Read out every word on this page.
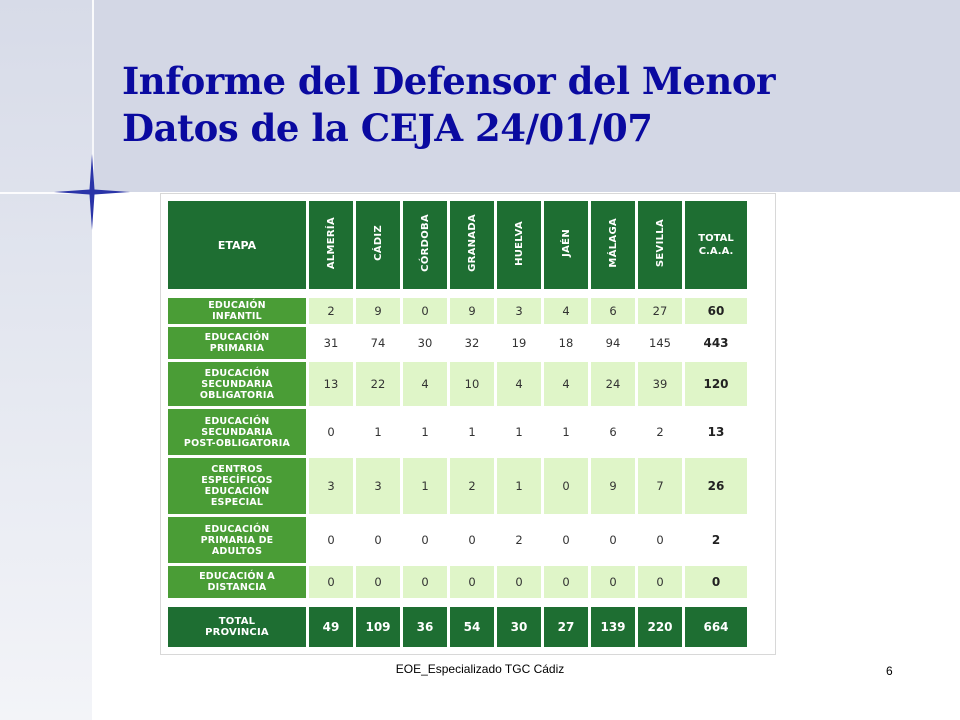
Informe del Defensor del Menor
Datos de la CEJA 24/01/07
ETAPA	ALMERÍA	CÁDIZ	CÓRDOBA	GRANADA	HUELVA	JAÉN	MÁLAGA	SEVILLA	TOTAL
C.A.A.

EDUCAIÓN
INFANTIL	2	9	0	9	3	4	6	27	60

EDUCACIÓN
PRIMARIA	31	74	30	32	19	18	94	145	443

EDUCACIÓN
SECUNDARIA
OBLIGATORIA	13	22	4	10	4	4	24	39	120

EDUCACIÓN
SECUNDARIA
POST-OBLIGATORIA	0	1	1	1	1	1	6	2	13

CENTROS
ESPECÍFICOS
EDUCACIÓN
ESPECIAL	3	3	1	2	1	0	9	7	26

EDUCACIÓN
PRIMARIA DE
ADULTOS	0	0	0	0	2	0	0	0	2

EDUCACIÓN A
DISTANCIA	0	0	0	0	0	0	0	0	0

TOTAL
PROVINCIA	49	109	36	54	30	27	139	220	664
EOE_Especializado TGC Cádiz	6
